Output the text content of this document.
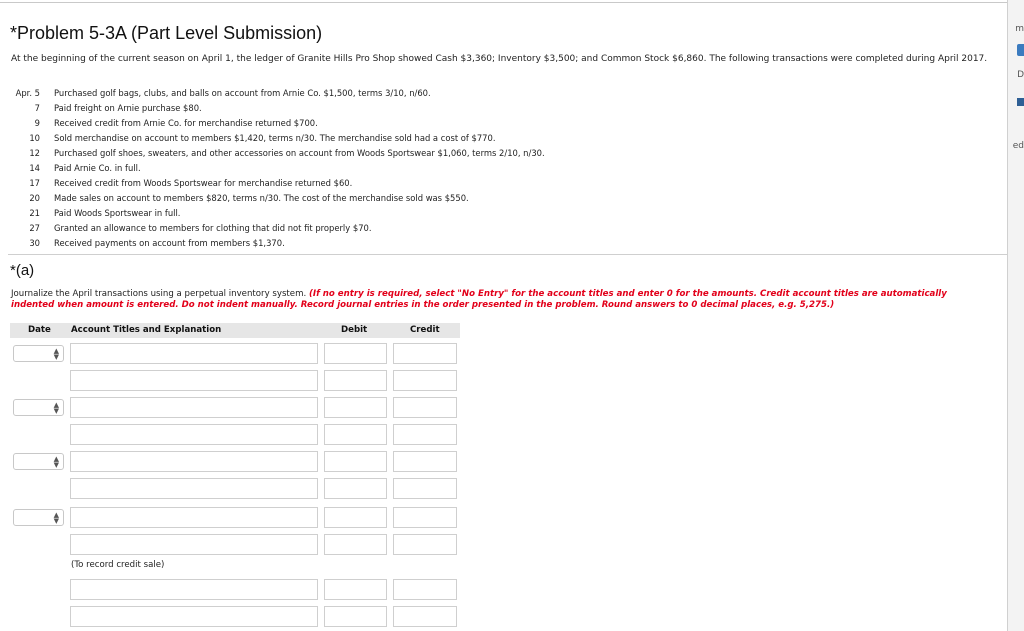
m
D
ed
*Problem 5-3A (Part Level Submission)
At the beginning of the current season on April 1, the ledger of Granite Hills Pro Shop showed Cash $3,360; Inventory $3,500; and Common Stock $6,860. The following transactions were completed during April 2017.
Apr. 5 Purchased golf bags, clubs, and balls on account from Arnie Co. $1,500, terms 3/10, n/60.
7 Paid freight on Arnie purchase $80.
9 Received credit from Arnie Co. for merchandise returned $700.
10 Sold merchandise on account to members $1,420, terms n/30. The merchandise sold had a cost of $770.
12 Purchased golf shoes, sweaters, and other accessories on account from Woods Sportswear $1,060, terms 2/10, n/30.
14 Paid Arnie Co. in full.
17 Received credit from Woods Sportswear for merchandise returned $60.
20 Made sales on account to members $820, terms n/30. The cost of the merchandise sold was $550.
21 Paid Woods Sportswear in full.
27 Granted an allowance to members for clothing that did not fit properly $70.
30 Received payments on account from members $1,370.
*(a)
Journalize the April transactions using a perpetual inventory system. (If no entry is required, select "No Entry" for the account titles and enter 0 for the amounts. Credit account titles are automatically indented when amount is entered. Do not indent manually. Record journal entries in the order presented in the problem. Round answers to 0 decimal places, e.g. 5,275.)
Date Account Titles and Explanation	Debit	Credit
▲
▼
▲
▼
▲
▼
▲
▼
(To record credit sale)
